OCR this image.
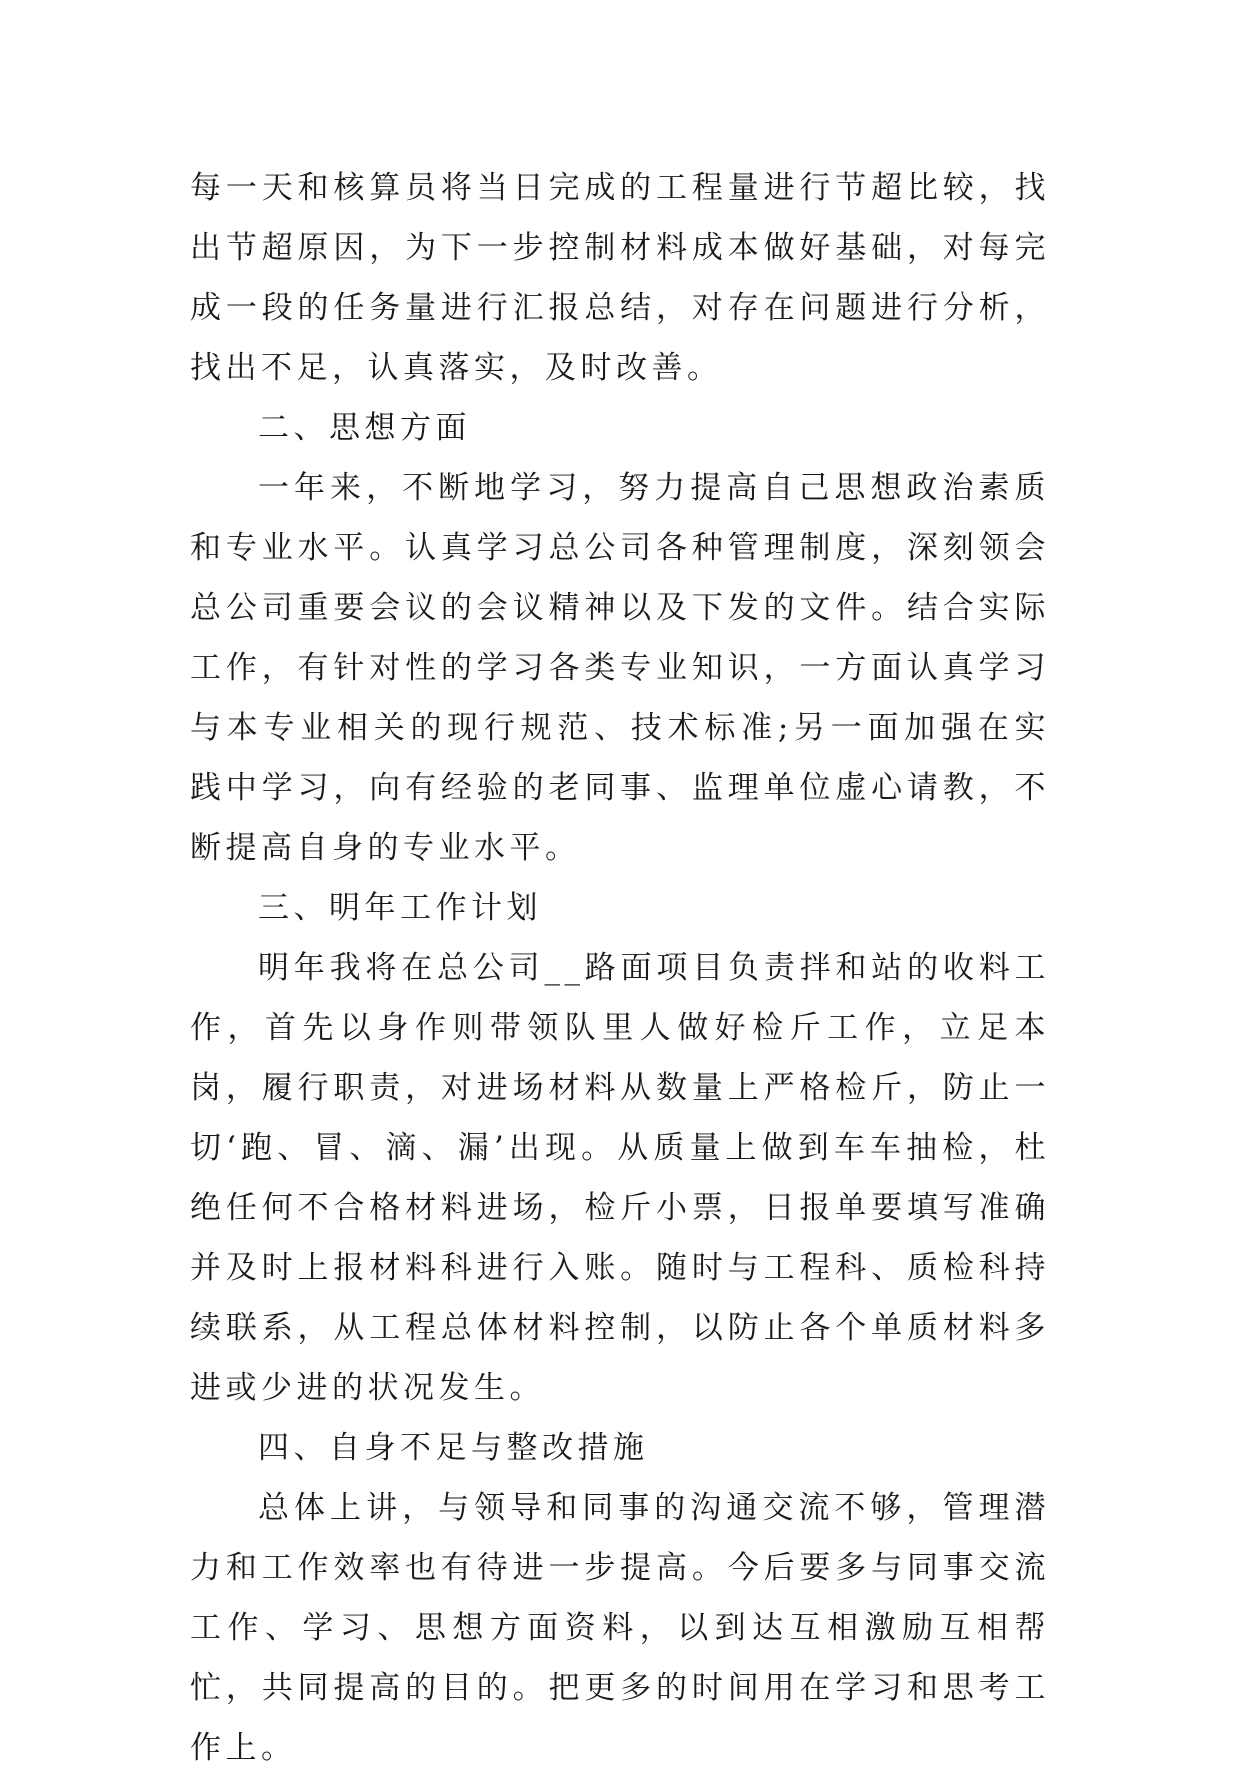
每一天和核算员将当日完成的工程量进行节超比较，找出节超原因，为下一步控制材料成本做好基础，对每完成一段的任务量进行汇报总结，对存在问题进行分析，找出不足，认真落实，及时改善。

二、思想方面

一年来，不断地学习，努力提高自己思想政治素质和专业水平。认真学习总公司各种管理制度，深刻领会总公司重要会议的会议精神以及下发的文件。结合实际工作，有针对性的学习各类专业知识，一方面认真学习与本专业相关的现行规范、技术标准;另一面加强在实践中学习，向有经验的老同事、监理单位虚心请教，不断提高自身的专业水平。

三、明年工作计划

明年我将在总公司__路面项目负责拌和站的收料工作，首先以身作则带领队里人做好检斤工作，立足本岗，履行职责，对进场材料从数量上严格检斤，防止一切‘跑、冒、滴、漏’出现。从质量上做到车车抽检，杜绝任何不合格材料进场，检斤小票，日报单要填写准确并及时上报材料科进行入账。随时与工程科、质检科持续联系，从工程总体材料控制，以防止各个单质材料多进或少进的状况发生。

四、自身不足与整改措施

总体上讲，与领导和同事的沟通交流不够，管理潜力和工作效率也有待进一步提高。今后要多与同事交流工作、学习、思想方面资料，以到达互相激励互相帮忙，共同提高的目的。把更多的时间用在学习和思考工作上。
